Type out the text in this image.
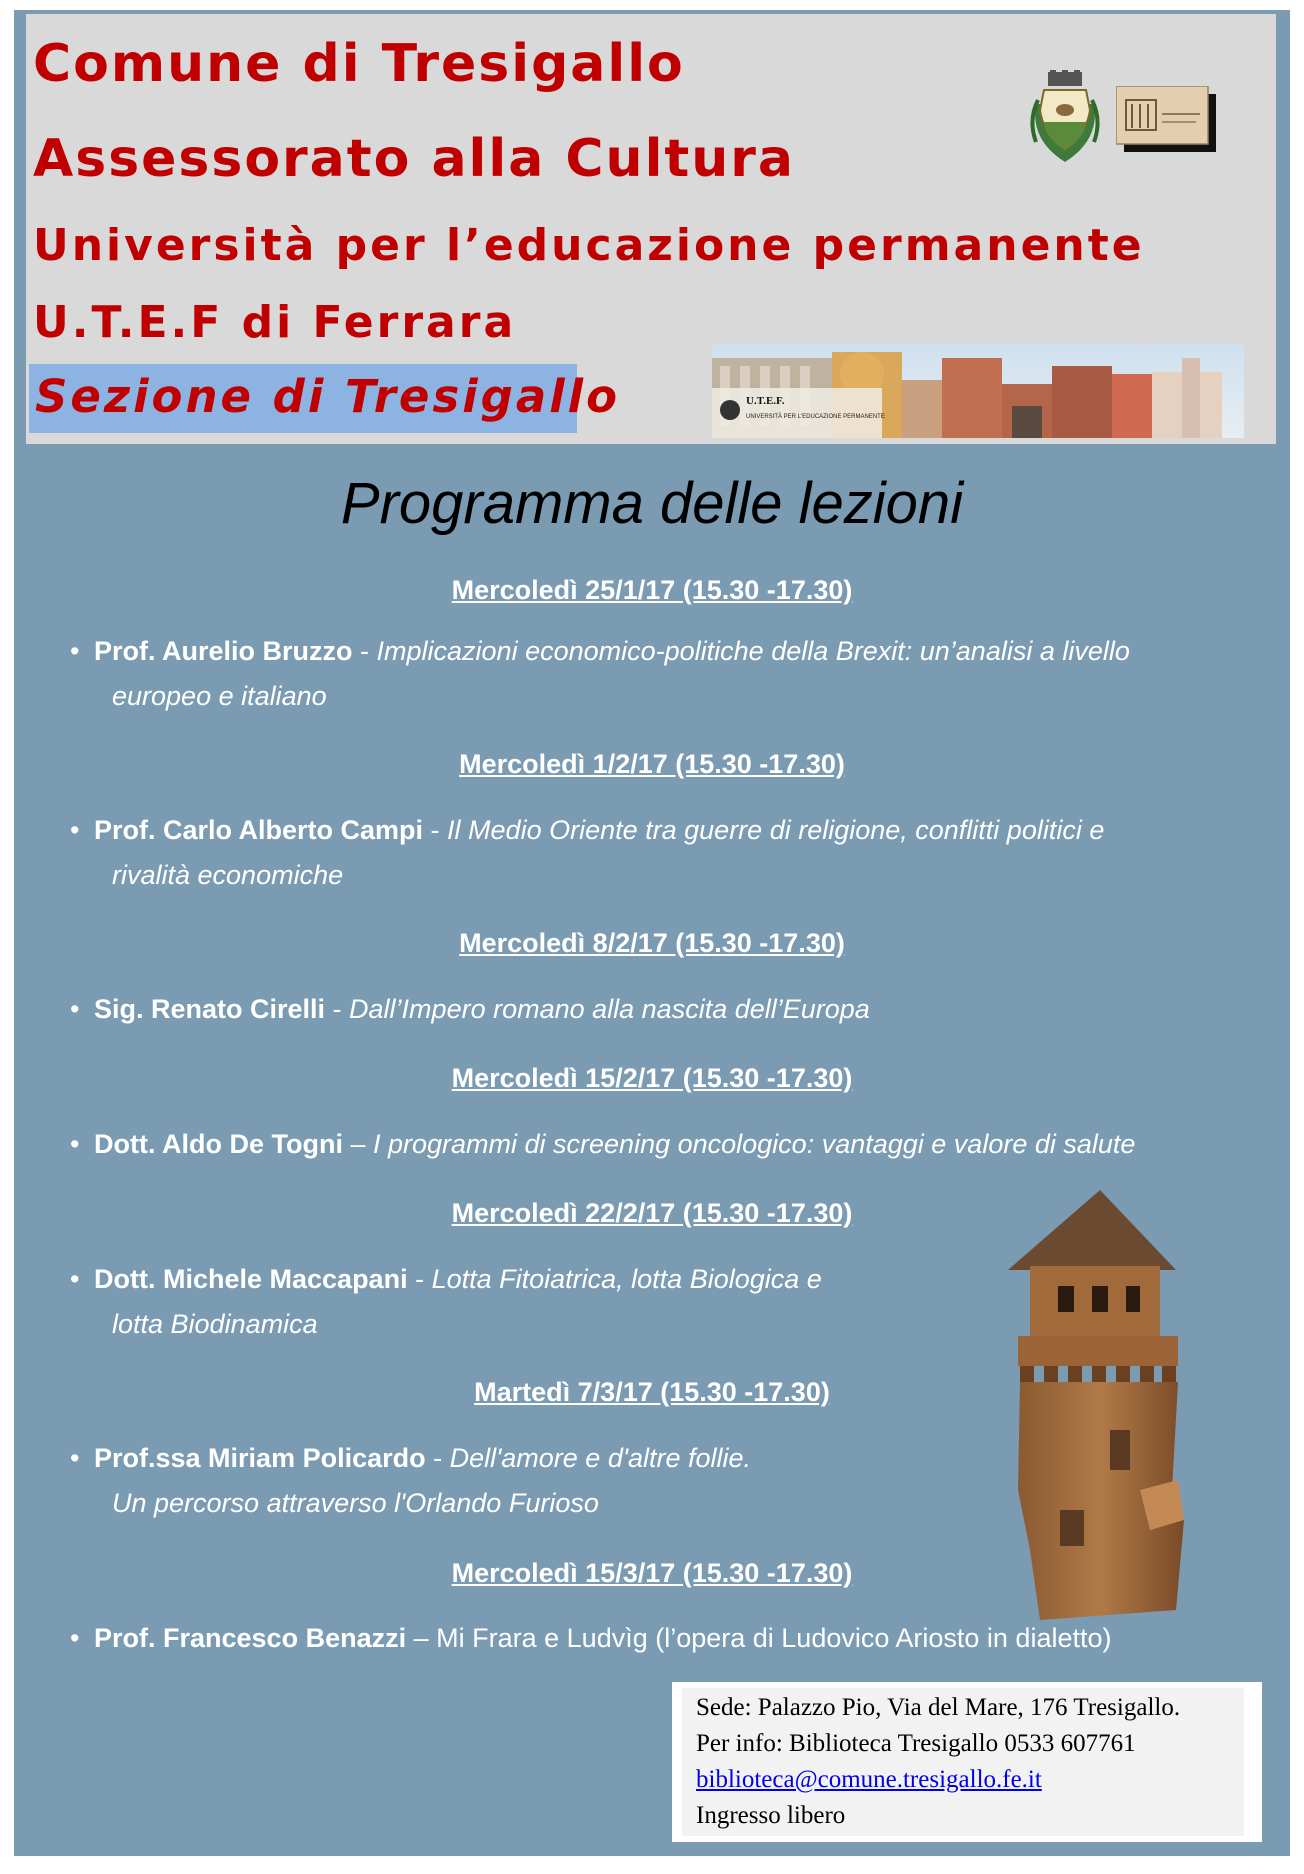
Comune di Tresigallo
Assessorato alla Cultura
Università per l’educazione permanente
U.T.E.F di Ferrara
Sezione di Tresigallo	U.T.E.F.
UNIVERSITÀ PER L'EDUCAZIONE PERMANENTE
Programma delle lezioni
Mercoledì 25/1/17 (15.30 -17.30)
• Prof. Aurelio Bruzzo - Implicazioni economico-politiche della Brexit: un’analisi a livello
europeo e italiano
Mercoledì 1/2/17 (15.30 -17.30)
• Prof. Carlo Alberto Campi - Il Medio Oriente tra guerre di religione, conflitti politici e
rivalità economiche
Mercoledì 8/2/17 (15.30 -17.30)
• Sig. Renato Cirelli - Dall’Impero romano alla nascita dell’Europa
Mercoledì 15/2/17 (15.30 -17.30)
• Dott. Aldo De Togni – I programmi di screening oncologico: vantaggi e valore di salute
Mercoledì 22/2/17 (15.30 -17.30)
• Dott. Michele Maccapani - Lotta Fitoiatrica, lotta Biologica e
lotta Biodinamica
Martedì 7/3/17 (15.30 -17.30)
• Prof.ssa Miriam Policardo - Dell'amore e d'altre follie.
Un percorso attraverso l'Orlando Furioso
Mercoledì 15/3/17 (15.30 -17.30)
• Prof. Francesco Benazzi – Mi Frara e Ludvìg (l’opera di Ludovico Ariosto in dialetto)
Sede: Palazzo Pio, Via del Mare, 176 Tresigallo.
Per info: Biblioteca Tresigallo 0533 607761
biblioteca@comune.tresigallo.fe.it
Ingresso libero
